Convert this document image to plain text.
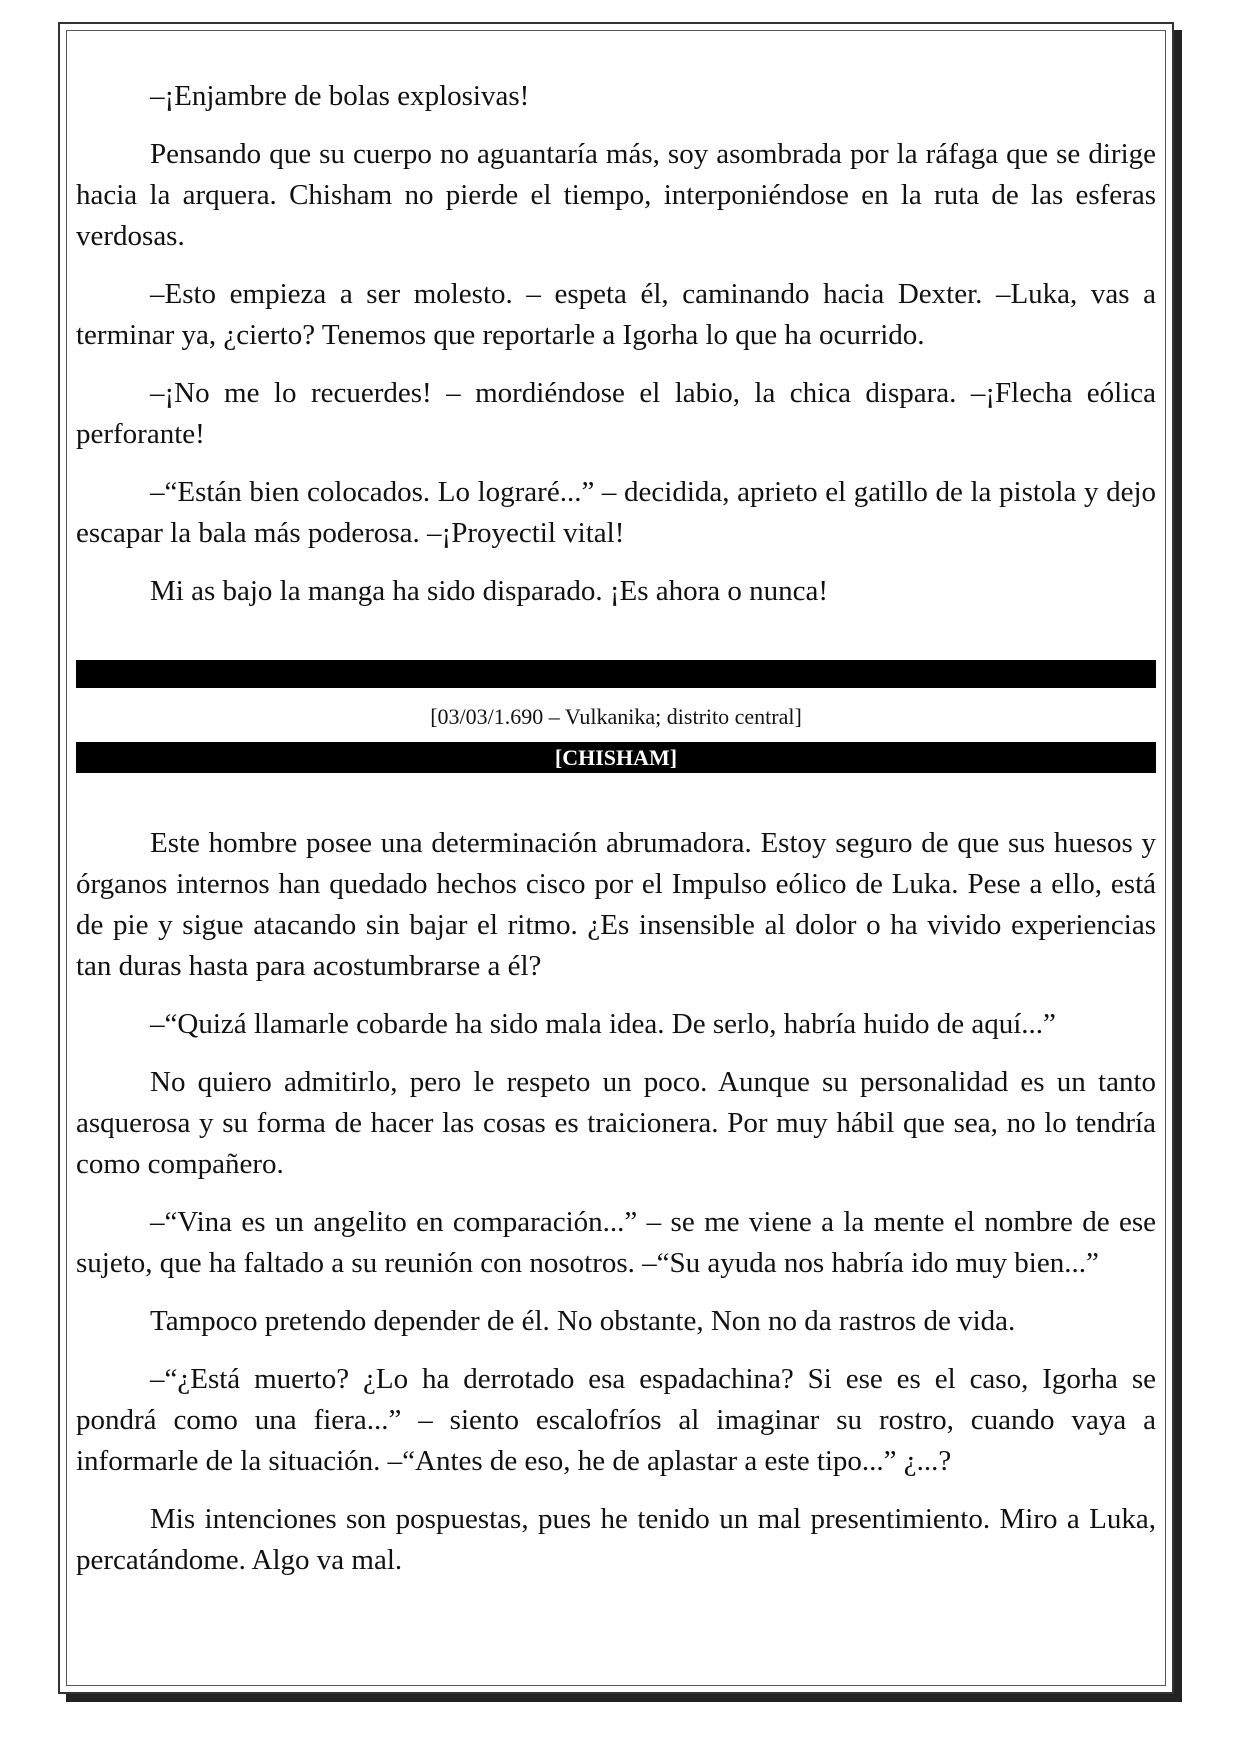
–¡Enjambre de bolas explosivas!

Pensando que su cuerpo no aguantaría más, soy asombrada por la ráfaga que se dirige hacia la arquera. Chisham no pierde el tiempo, interponiéndose en la ruta de las esferas verdosas.

–Esto empieza a ser molesto. – espeta él, caminando hacia Dexter. –Luka, vas a terminar ya, ¿cierto? Tenemos que reportarle a Igorha lo que ha ocurrido.

–¡No me lo recuerdes! – mordiéndose el labio, la chica dispara. –¡Flecha eólica perforante!

–“Están bien colocados. Lo lograré...” – decidida, aprieto el gatillo de la pistola y dejo escapar la bala más poderosa. –¡Proyectil vital!

Mi as bajo la manga ha sido disparado. ¡Es ahora o nunca!

[03/03/1.690 – Vulkanika; distrito central]
[CHISHAM]

Este hombre posee una determinación abrumadora. Estoy seguro de que sus huesos y órganos internos han quedado hechos cisco por el Impulso eólico de Luka. Pese a ello, está de pie y sigue atacando sin bajar el ritmo. ¿Es insensible al dolor o ha vivido experiencias tan duras hasta para acostumbrarse a él?

–“Quizá llamarle cobarde ha sido mala idea. De serlo, habría huido de aquí...”

No quiero admitirlo, pero le respeto un poco. Aunque su personalidad es un tanto asquerosa y su forma de hacer las cosas es traicionera. Por muy hábil que sea, no lo tendría como compañero.

–“Vina es un angelito en comparación...” – se me viene a la mente el nombre de ese sujeto, que ha faltado a su reunión con nosotros. –“Su ayuda nos habría ido muy bien...”

Tampoco pretendo depender de él. No obstante, Non no da rastros de vida.

–“¿Está muerto? ¿Lo ha derrotado esa espadachina? Si ese es el caso, Igorha se pondrá como una fiera...” – siento escalofríos al imaginar su rostro, cuando vaya a informarle de la situación. –“Antes de eso, he de aplastar a este tipo...” ¿...?

Mis intenciones son pospuestas, pues he tenido un mal presentimiento. Miro a Luka, percatándome. Algo va mal.
